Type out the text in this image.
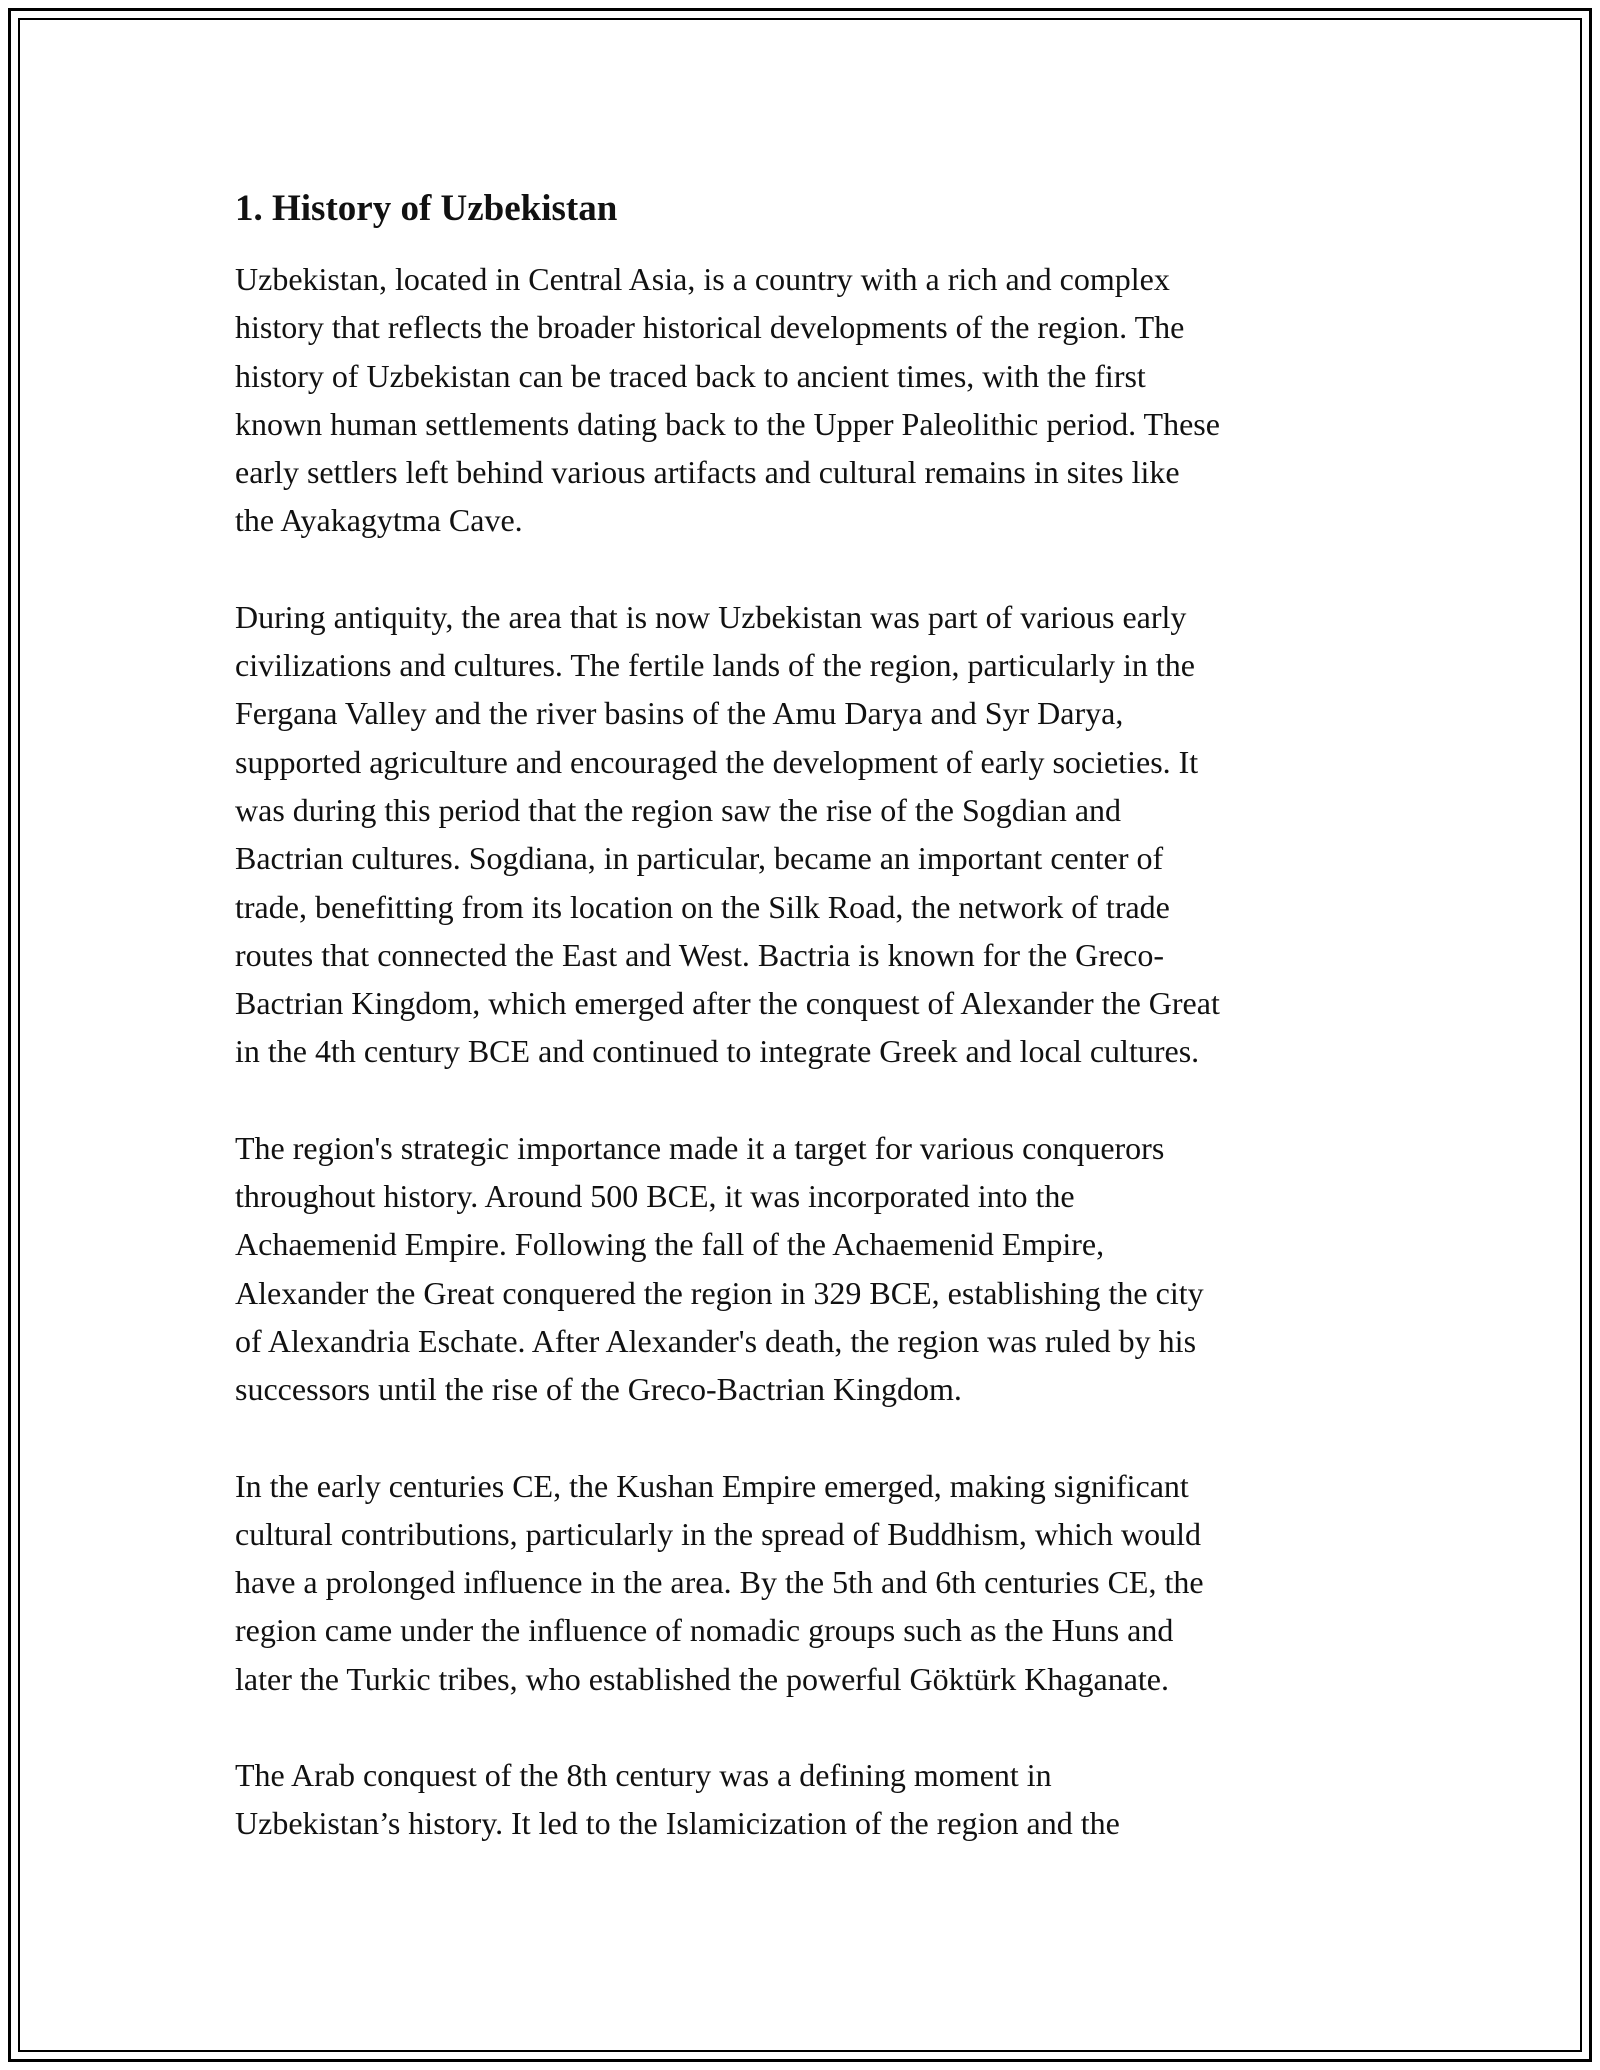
1. History of Uzbekistan

Uzbekistan, located in Central Asia, is a country with a rich and complex
history that reflects the broader historical developments of the region. The
history of Uzbekistan can be traced back to ancient times, with the first
known human settlements dating back to the Upper Paleolithic period. These
early settlers left behind various artifacts and cultural remains in sites like
the Ayakagytma Cave.

During antiquity, the area that is now Uzbekistan was part of various early
civilizations and cultures. The fertile lands of the region, particularly in the
Fergana Valley and the river basins of the Amu Darya and Syr Darya,
supported agriculture and encouraged the development of early societies. It
was during this period that the region saw the rise of the Sogdian and
Bactrian cultures. Sogdiana, in particular, became an important center of
trade, benefitting from its location on the Silk Road, the network of trade
routes that connected the East and West. Bactria is known for the Greco-
Bactrian Kingdom, which emerged after the conquest of Alexander the Great
in the 4th century BCE and continued to integrate Greek and local cultures.

The region's strategic importance made it a target for various conquerors
throughout history. Around 500 BCE, it was incorporated into the
Achaemenid Empire. Following the fall of the Achaemenid Empire,
Alexander the Great conquered the region in 329 BCE, establishing the city
of Alexandria Eschate. After Alexander's death, the region was ruled by his
successors until the rise of the Greco-Bactrian Kingdom.

In the early centuries CE, the Kushan Empire emerged, making significant
cultural contributions, particularly in the spread of Buddhism, which would
have a prolonged influence in the area. By the 5th and 6th centuries CE, the
region came under the influence of nomadic groups such as the Huns and
later the Turkic tribes, who established the powerful Göktürk Khaganate.

The Arab conquest of the 8th century was a defining moment in
Uzbekistan’s history. It led to the Islamicization of the region and the
